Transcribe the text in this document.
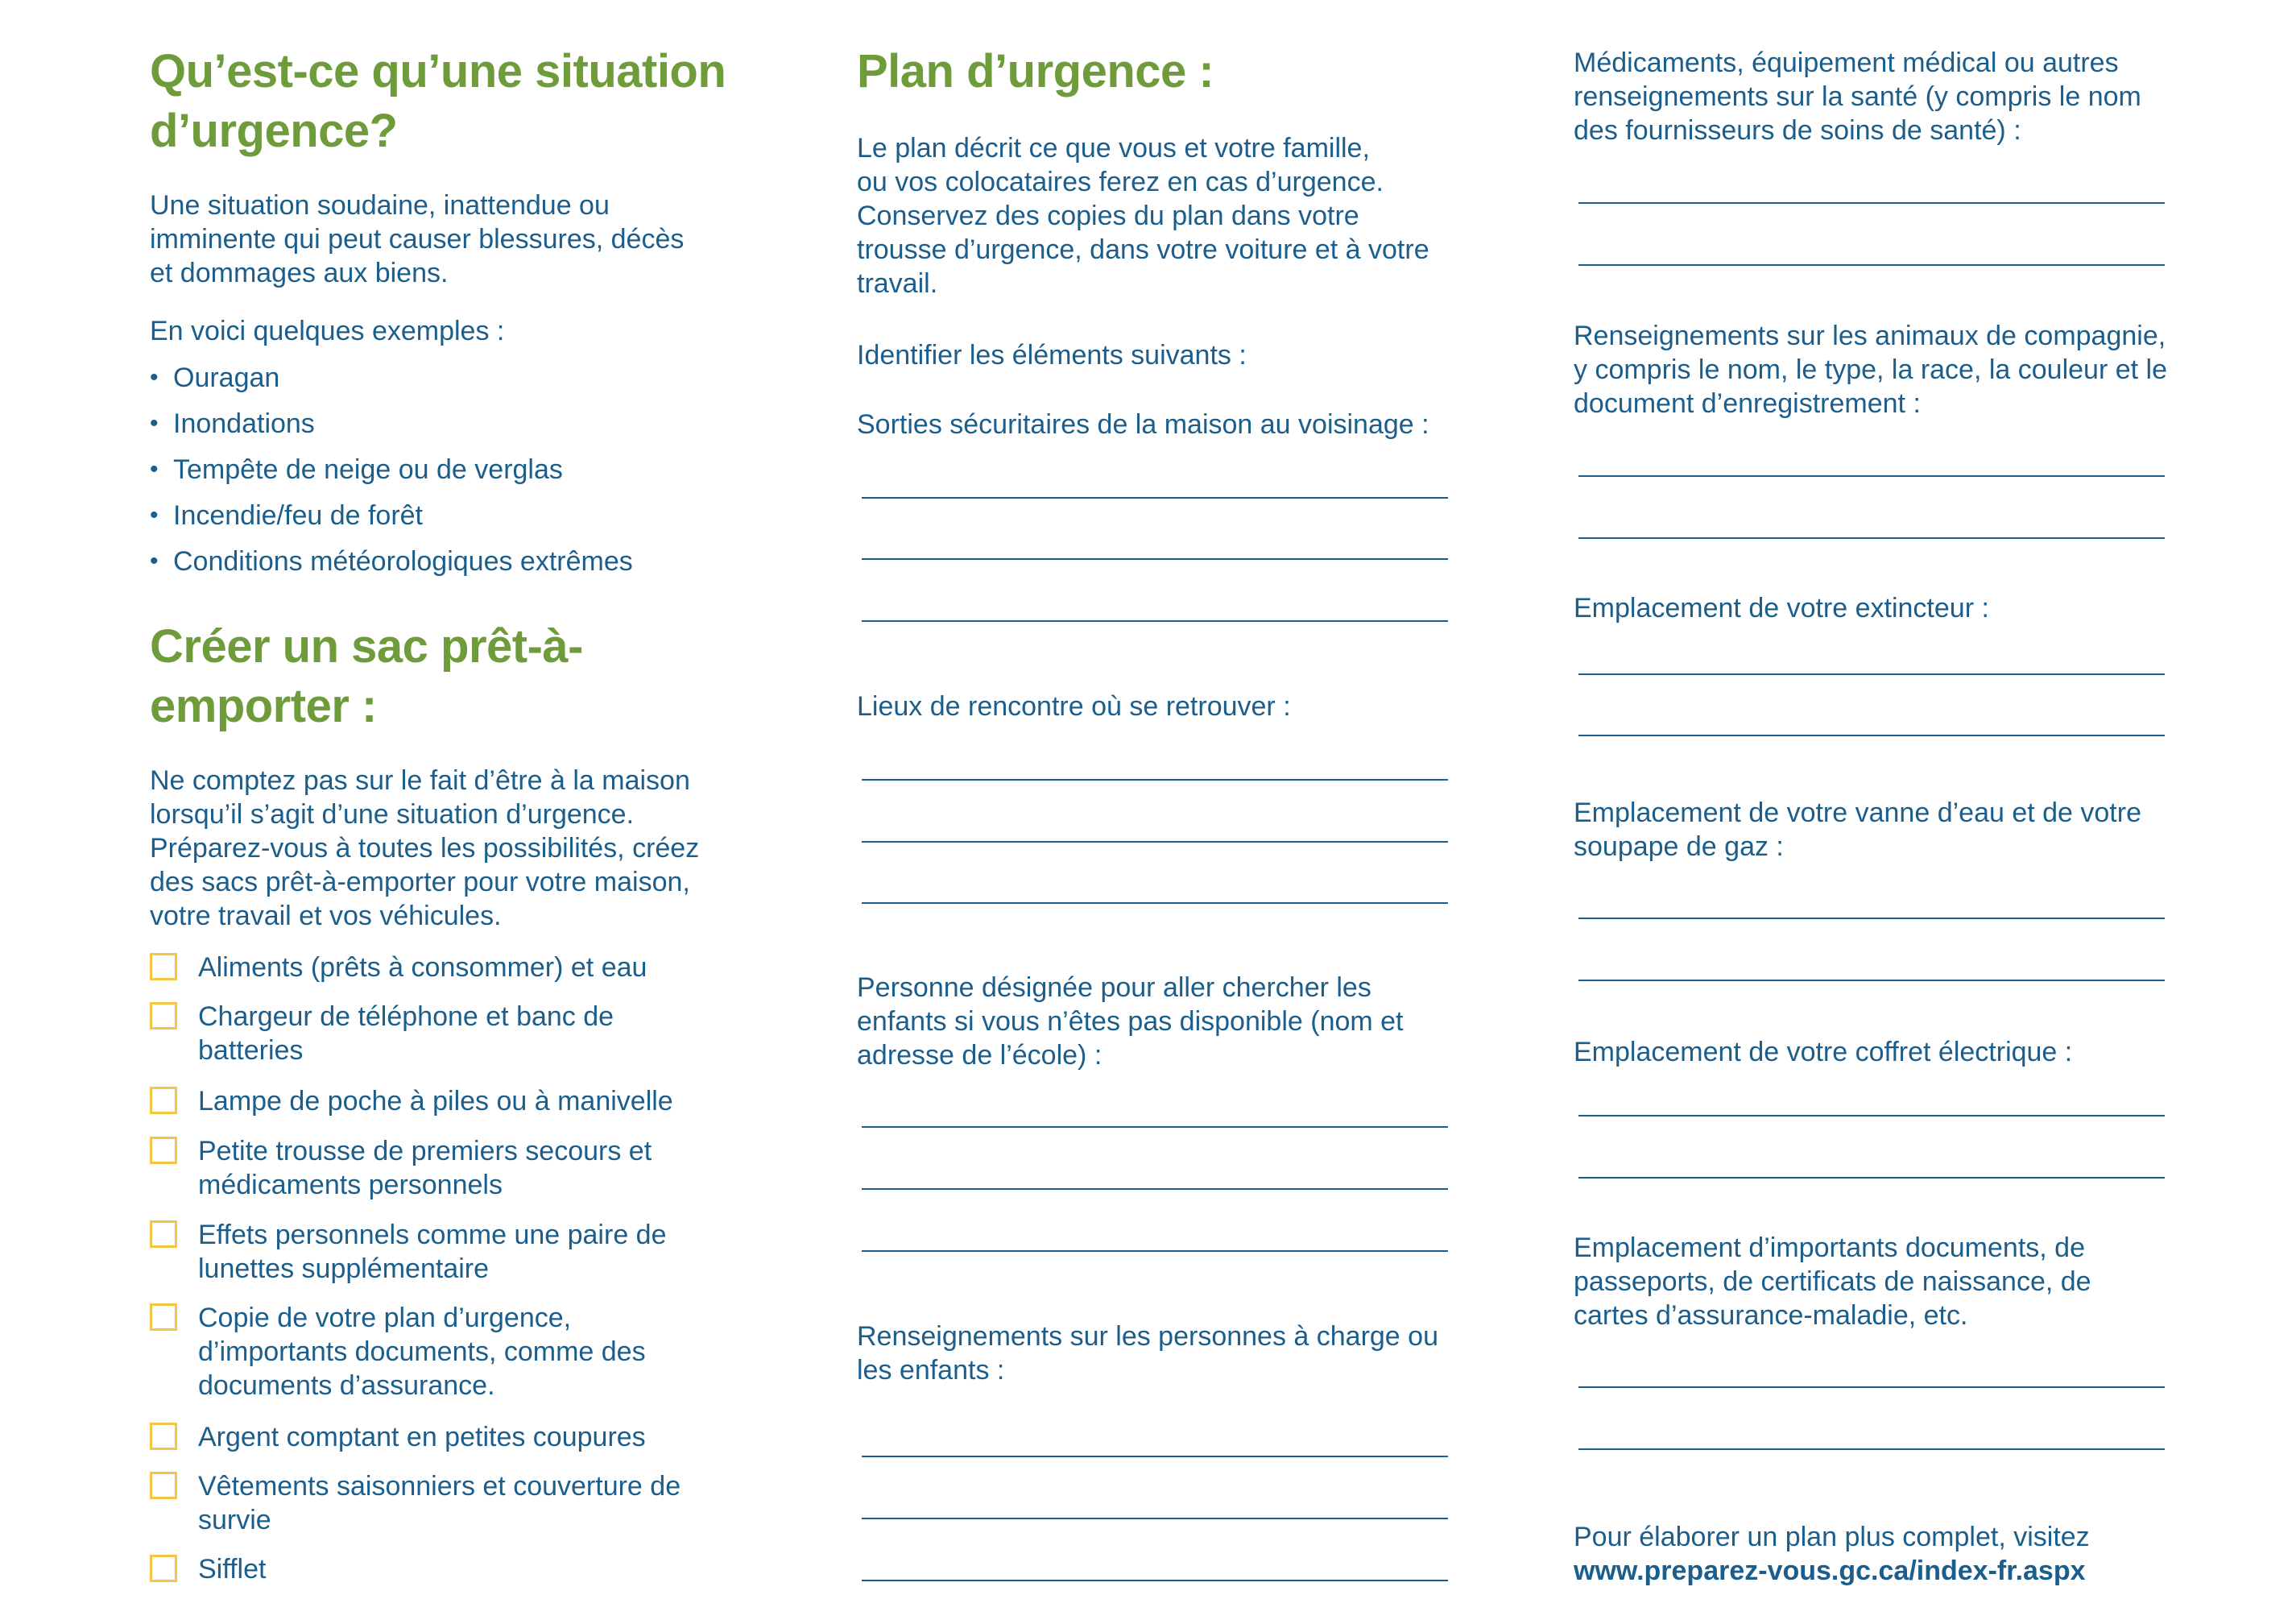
Qu’est-ce qu’une situation
d’urgence?

Une situation soudaine, inattendue ou
imminente qui peut causer blessures, décès
et dommages aux biens.

En voici quelques exemples :

• Ouragan
• Inondations
• Tempête de neige ou de verglas
• Incendie/feu de forêt
• Conditions météorologiques extrêmes
Créer un sac prêt-à-
emporter :

Ne comptez pas sur le fait d’être à la maison
lorsqu’il s’agit d’une situation d’urgence.
Préparez-vous à toutes les possibilités, créez
des sacs prêt-à-emporter pour votre maison,
votre travail et vos véhicules.

Aliments (prêts à consommer) et eau
Chargeur de téléphone et banc de
batteries
Lampe de poche à piles ou à manivelle
Petite trousse de premiers secours et
médicaments personnels
Effets personnels comme une paire de
lunettes supplémentaire
Copie de votre plan d’urgence,
d’importants documents, comme des
documents d’assurance.
Argent comptant en petites coupures
Vêtements saisonniers et couverture de
survie
Sifflet
Plan d’urgence :

Le plan décrit ce que vous et votre famille,
ou vos colocataires ferez en cas d’urgence.
Conservez des copies du plan dans votre
trousse d’urgence, dans votre voiture et à votre
travail.

Identifier les éléments suivants :

Sorties sécuritaires de la maison au voisinage :

Lieux de rencontre où se retrouver :

Personne désignée pour aller chercher les
enfants si vous n’êtes pas disponible (nom et
adresse de l’école) :

Renseignements sur les personnes à charge ou
les enfants :

Médicaments, équipement médical ou autres
renseignements sur la santé (y compris le nom
des fournisseurs de soins de santé) :

Renseignements sur les animaux de compagnie,
y compris le nom, le type, la race, la couleur et le
document d’enregistrement :

Emplacement de votre extincteur :

Emplacement de votre vanne d’eau et de votre
soupape de gaz :

Emplacement de votre coffret électrique :

Emplacement d’importants documents, de
passeports, de certificats de naissance, de
cartes d’assurance-maladie, etc.

Pour élaborer un plan plus complet, visitez
www.preparez-vous.gc.ca/index-fr.aspx
